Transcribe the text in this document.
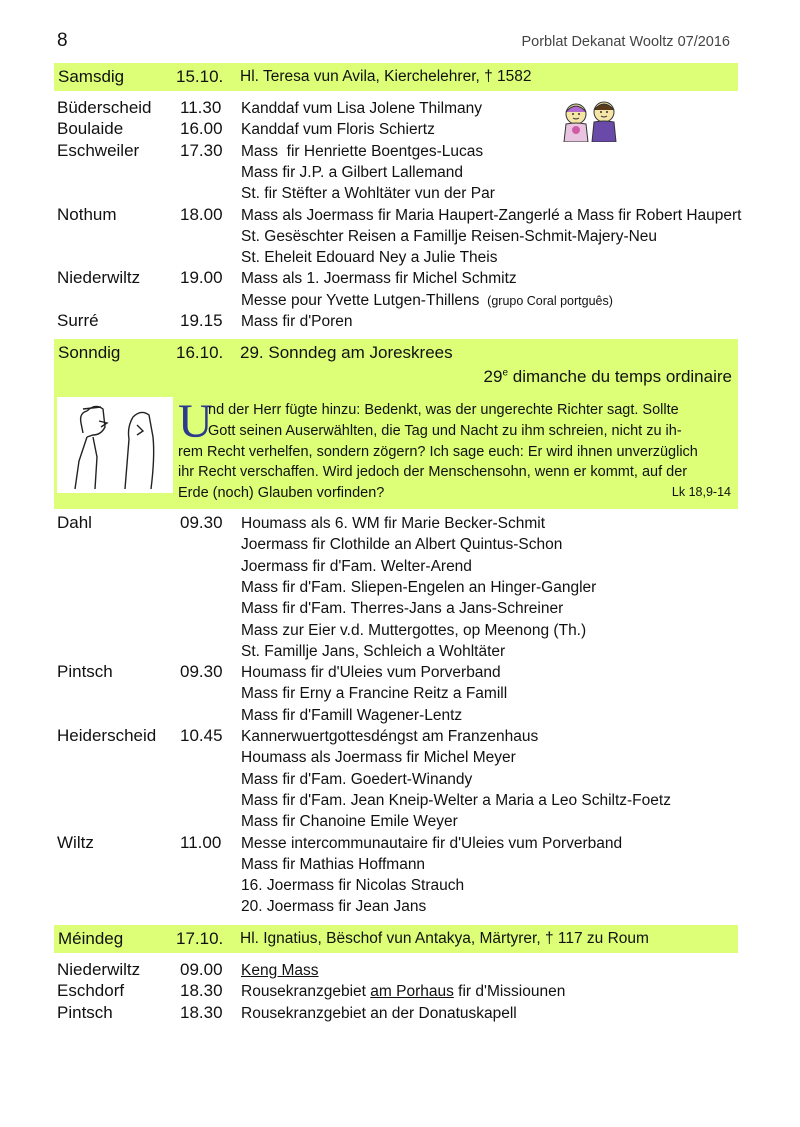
8	Porblat Dekanat Wooltz 07/2016
Samsdig	15.10. Hl. Teresa vun Avila, Kierchelehrer, † 1582
Büderscheid 11.30 Kanddaf vum Lisa Jolene Thilmany
Boulaide	16.00 Kanddaf vum Floris Schiertz
Eschweiler 17.30 Mass  fir Henriette Boentges-Lucas
Mass fir J.P. a Gilbert Lallemand
St. fir Stëfter a Wohltäter vun der Par
Nothum	18.00 Mass als Joermass fir Maria Haupert-Zangerlé a Mass fir Robert Haupert
St. Gesëschter Reisen a Famillje Reisen-Schmit-Majery-Neu
St. Eheleit Edouard Ney a Julie Theis
Niederwiltz 19.00 Mass als 1. Joermass fir Michel Schmitz
Messe pour Yvette Lutgen-Thillens  (grupo Coral portguês)
Surré	19.15 Mass fir d'Poren
Sonndig	16.10. 29. Sonndeg am Joreskrees
29e dimanche du temps ordinaire
U
nd der Herr fügte hinzu: Bedenkt, was der ungerechte Richter sagt. Sollte
Gott seinen Auserwählten, die Tag und Nacht zu ihm schreien, nicht zu ih-
rem Recht verhelfen, sondern zögern? Ich sage euch: Er wird ihnen unverzüglich
ihr Recht verschaffen. Wird jedoch der Menschensohn, wenn er kommt, auf der
Erde (noch) Glauben vorfinden?	Lk 18,9-14
Dahl	09.30 Houmass als 6. WM fir Marie Becker-Schmit
Joermass fir Clothilde an Albert Quintus-Schon
Joermass fir d'Fam. Welter-Arend
Mass fir d'Fam. Sliepen-Engelen an Hinger-Gangler
Mass fir d'Fam. Therres-Jans a Jans-Schreiner
Mass zur Eier v.d. Muttergottes, op Meenong (Th.)
St. Famillje Jans, Schleich a Wohltäter
Pintsch	09.30 Houmass fir d'Uleies vum Porverband
Mass fir Erny a Francine Reitz a Famill
Mass fir d'Famill Wagener-Lentz
Heiderscheid 10.45 Kannerwuertgottesdéngst am Franzenhaus
Houmass als Joermass fir Michel Meyer
Mass fir d'Fam. Goedert-Winandy
Mass fir d'Fam. Jean Kneip-Welter a Maria a Leo Schiltz-Foetz
Mass fir Chanoine Emile Weyer
Wiltz	11.00 Messe intercommunautaire fir d'Uleies vum Porverband
Mass fir Mathias Hoffmann
16. Joermass fir Nicolas Strauch
20. Joermass fir Jean Jans
Méindeg	17.10. Hl. Ignatius, Bëschof vun Antakya, Märtyrer, † 117 zu Roum
Niederwiltz 09.00 Keng Mass
Eschdorf	18.30 Rousekranzgebiet am Porhaus fir d'Missiounen
Pintsch	18.30 Rousekranzgebiet an der Donatuskapell
